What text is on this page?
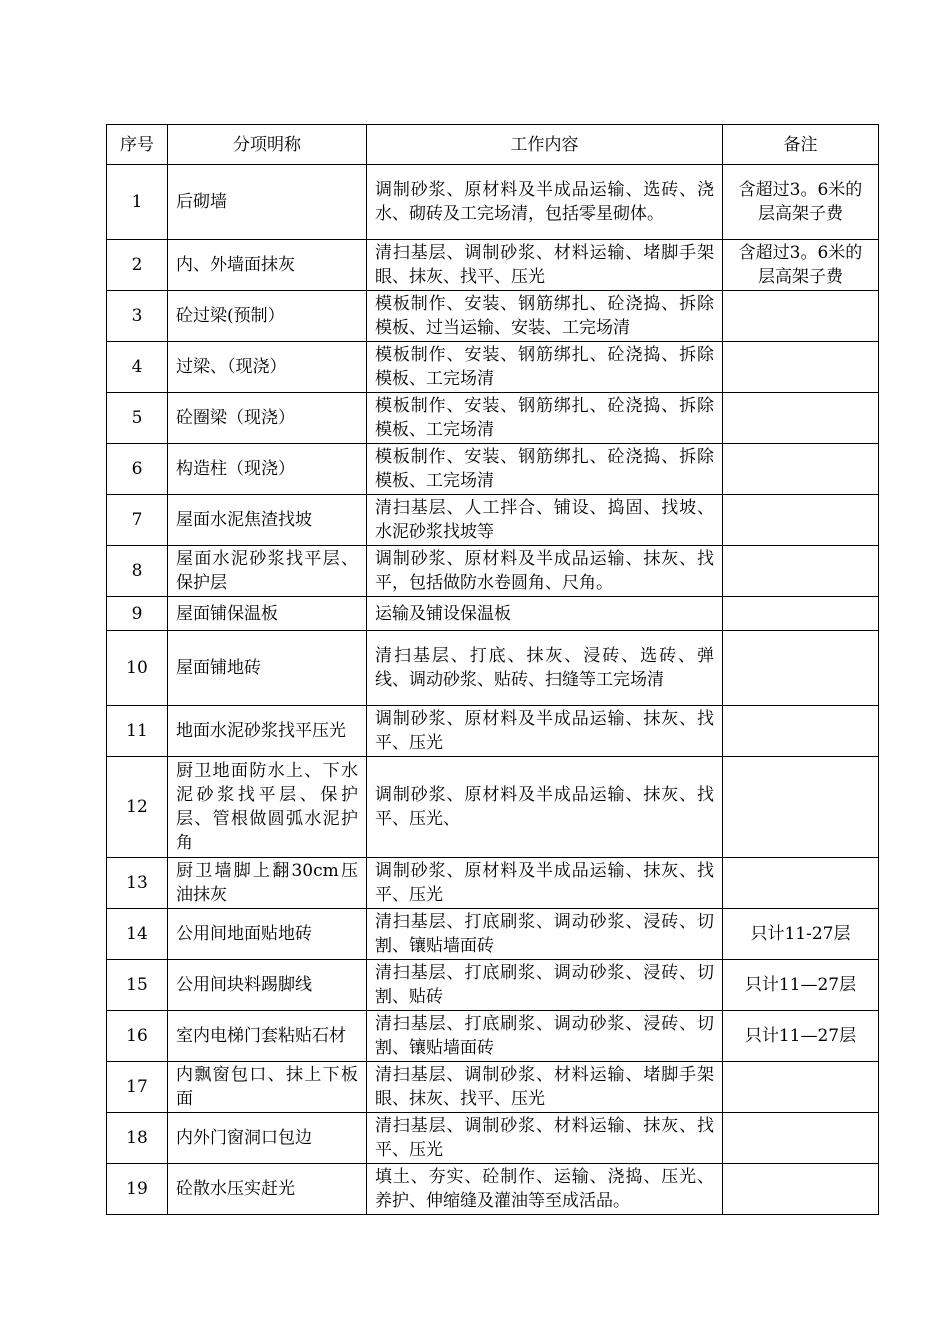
序号	分项明称	工作内容	备注
1	后砌墙	调制砂浆、原材料及半成品运输、选砖、浇水、砌砖及工完场清，包括零星砌体。	含超过3。6米的层高架子费
2	内、外墙面抹灰	清扫基层、调制砂浆、材料运输、堵脚手架眼、抹灰、找平、压光	含超过3。6米的层高架子费
3	砼过梁(预制）	模板制作、安装、钢筋绑扎、砼浇捣、拆除模板、过当运输、安装、工完场清	
4	过梁、（现浇）	模板制作、安装、钢筋绑扎、砼浇捣、拆除模板、工完场清	
5	砼圈梁（现浇）	模板制作、安装、钢筋绑扎、砼浇捣、拆除模板、工完场清	
6	构造柱（现浇）	模板制作、安装、钢筋绑扎、砼浇捣、拆除模板、工完场清	
7	屋面水泥焦渣找坡	清扫基层、人工拌合、铺设、捣固、找坡、水泥砂浆找坡等	
8	屋面水泥砂浆找平层、保护层	调制砂浆、原材料及半成品运输、抹灰、找平，包括做防水卷圆角、尺角。	
9	屋面铺保温板	运输及铺设保温板	
10	屋面铺地砖	清扫基层、打底、抹灰、浸砖、选砖、弹线、调动砂浆、贴砖、扫缝等工完场清	
11	地面水泥砂浆找平压光	调制砂浆、原材料及半成品运输、抹灰、找平、压光	
12	厨卫地面防水上、下水泥砂浆找平层、保护层、管根做圆弧水泥护角	调制砂浆、原材料及半成品运输、抹灰、找平、压光、	
13	厨卫墙脚上翻30cm压油抹灰	调制砂浆、原材料及半成品运输、抹灰、找平、压光	
14	公用间地面贴地砖	清扫基层、打底刷浆、调动砂浆、浸砖、切割、镶贴墙面砖	只计11-27层
15	公用间块料踢脚线	清扫基层、打底刷浆、调动砂浆、浸砖、切割、贴砖	只计11—27层
16	室内电梯门套粘贴石材	清扫基层、打底刷浆、调动砂浆、浸砖、切割、镶贴墙面砖	只计11—27层
17	内飘窗包口、抹上下板面	清扫基层、调制砂浆、材料运输、堵脚手架眼、抹灰、找平、压光	
18	内外门窗洞口包边	清扫基层、调制砂浆、材料运输、抹灰、找平、压光	
19	砼散水压实赶光	填土、夯实、砼制作、运输、浇捣、压光、养护、伸缩缝及灌油等至成活品。	
